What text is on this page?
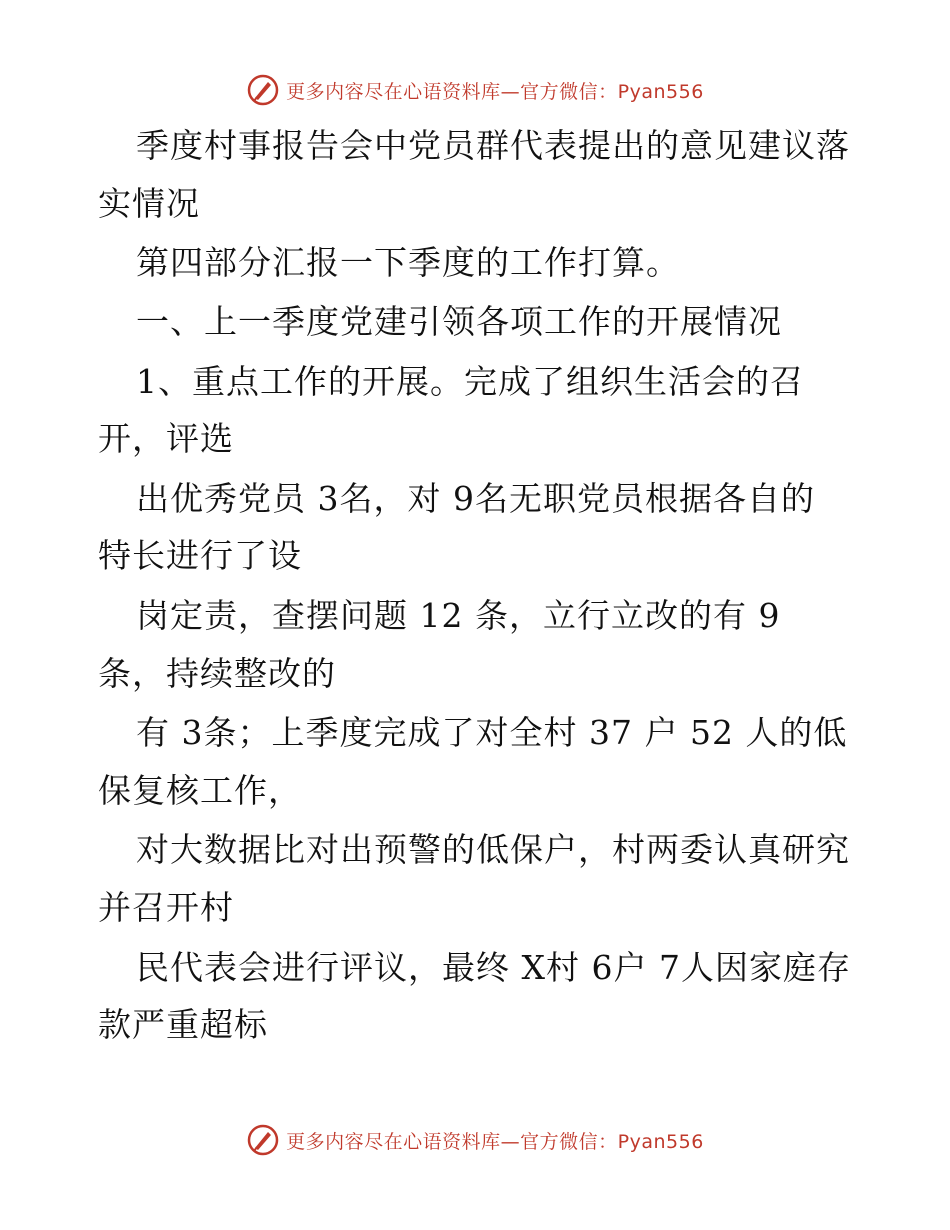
更多内容尽在心语资料库—官方微信：Pyan556
季度村事报告会中党员群代表提出的意见建议落
实情况
第四部分汇报一下季度的工作打算。
一、上一季度党建引领各项工作的开展情况
1、重点工作的开展。完成了组织生活会的召
开，评选
出优秀党员 3名，对 9名无职党员根据各自的
特长进行了设
岗定责，查摆问题 12 条，立行立改的有 9
条，持续整改的
有 3条；上季度完成了对全村 37 户 52 人的低
保复核工作，
对大数据比对出预警的低保户，村两委认真研究
并召开村
民代表会进行评议，最终 X村 6户 7人因家庭存
款严重超标
更多内容尽在心语资料库—官方微信：Pyan556
